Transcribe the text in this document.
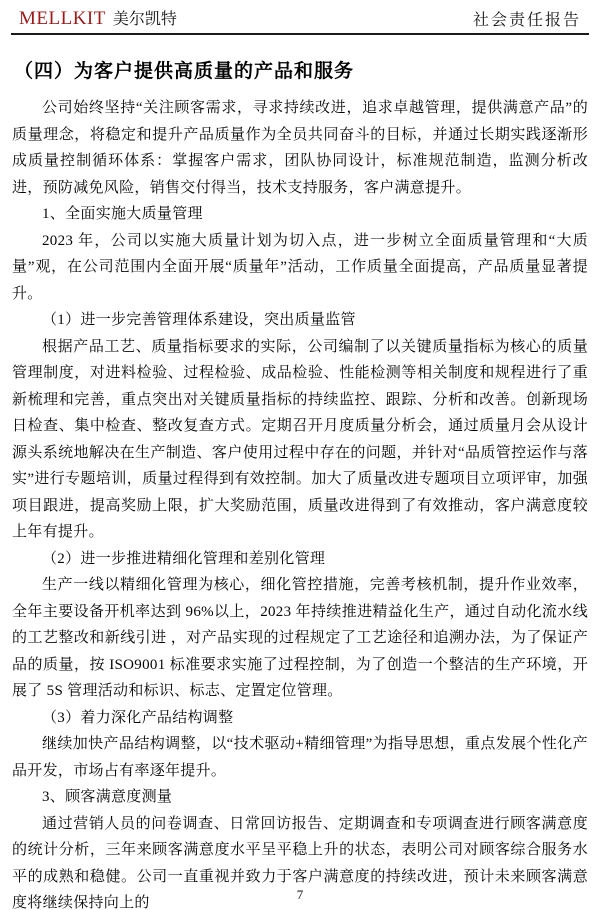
MELLKIT 美尔凯特	社会责任报告
（四）为客户提供高质量的产品和服务

公司始终坚持“关注顾客需求，寻求持续改进，追求卓越管理，提供满意产品”的质量理念，将稳定和提升产品质量作为全员共同奋斗的目标，并通过长期实践逐渐形成质量控制循环体系：掌握客户需求，团队协同设计，标准规范制造，监测分析改进，预防减免风险，销售交付得当，技术支持服务，客户满意提升。

1、全面实施大质量管理

2023 年，公司以实施大质量计划为切入点，进一步树立全面质量管理和“大质量”观，在公司范围内全面开展“质量年”活动，工作质量全面提高，产品质量显著提升。

（1）进一步完善管理体系建设，突出质量监管

根据产品工艺、质量指标要求的实际，公司编制了以关键质量指标为核心的质量管理制度，对进料检验、过程检验、成品检验、性能检测等相关制度和规程进行了重新梳理和完善，重点突出对关键质量指标的持续监控、跟踪、分析和改善。创新现场日检查、集中检查、整改复查方式。定期召开月度质量分析会，通过质量月会从设计源头系统地解决在生产制造、客户使用过程中存在的问题，并针对“品质管控运作与落实”进行专题培训，质量过程得到有效控制。加大了质量改进专题项目立项评审，加强项目跟进，提高奖励上限，扩大奖励范围，质量改进得到了有效推动，客户满意度较上年有提升。

（2）进一步推进精细化管理和差别化管理

生产一线以精细化管理为核心，细化管控措施，完善考核机制，提升作业效率，全年主要设备开机率达到 96%以上，2023 年持续推进精益化生产，通过自动化流水线的工艺整改和新线引进 ，对产品实现的过程规定了工艺途径和追溯办法，为了保证产品的质量，按 ISO9001 标准要求实施了过程控制，为了创造一个整洁的生产环境，开展了 5S 管理活动和标识、标志、定置定位管理。

（3）着力深化产品结构调整

继续加快产品结构调整，以“技术驱动+精细管理”为指导思想，重点发展个性化产品开发，市场占有率逐年提升。

3、顾客满意度测量

通过营销人员的问卷调查、日常回访报告、定期调查和专项调查进行顾客满意度的统计分析，三年来顾客满意度水平呈平稳上升的状态，表明公司对顾客综合服务水平的成熟和稳健。公司一直重视并致力于客户满意度的持续改进，预计未来顾客满意度将继续保持向上的

7
